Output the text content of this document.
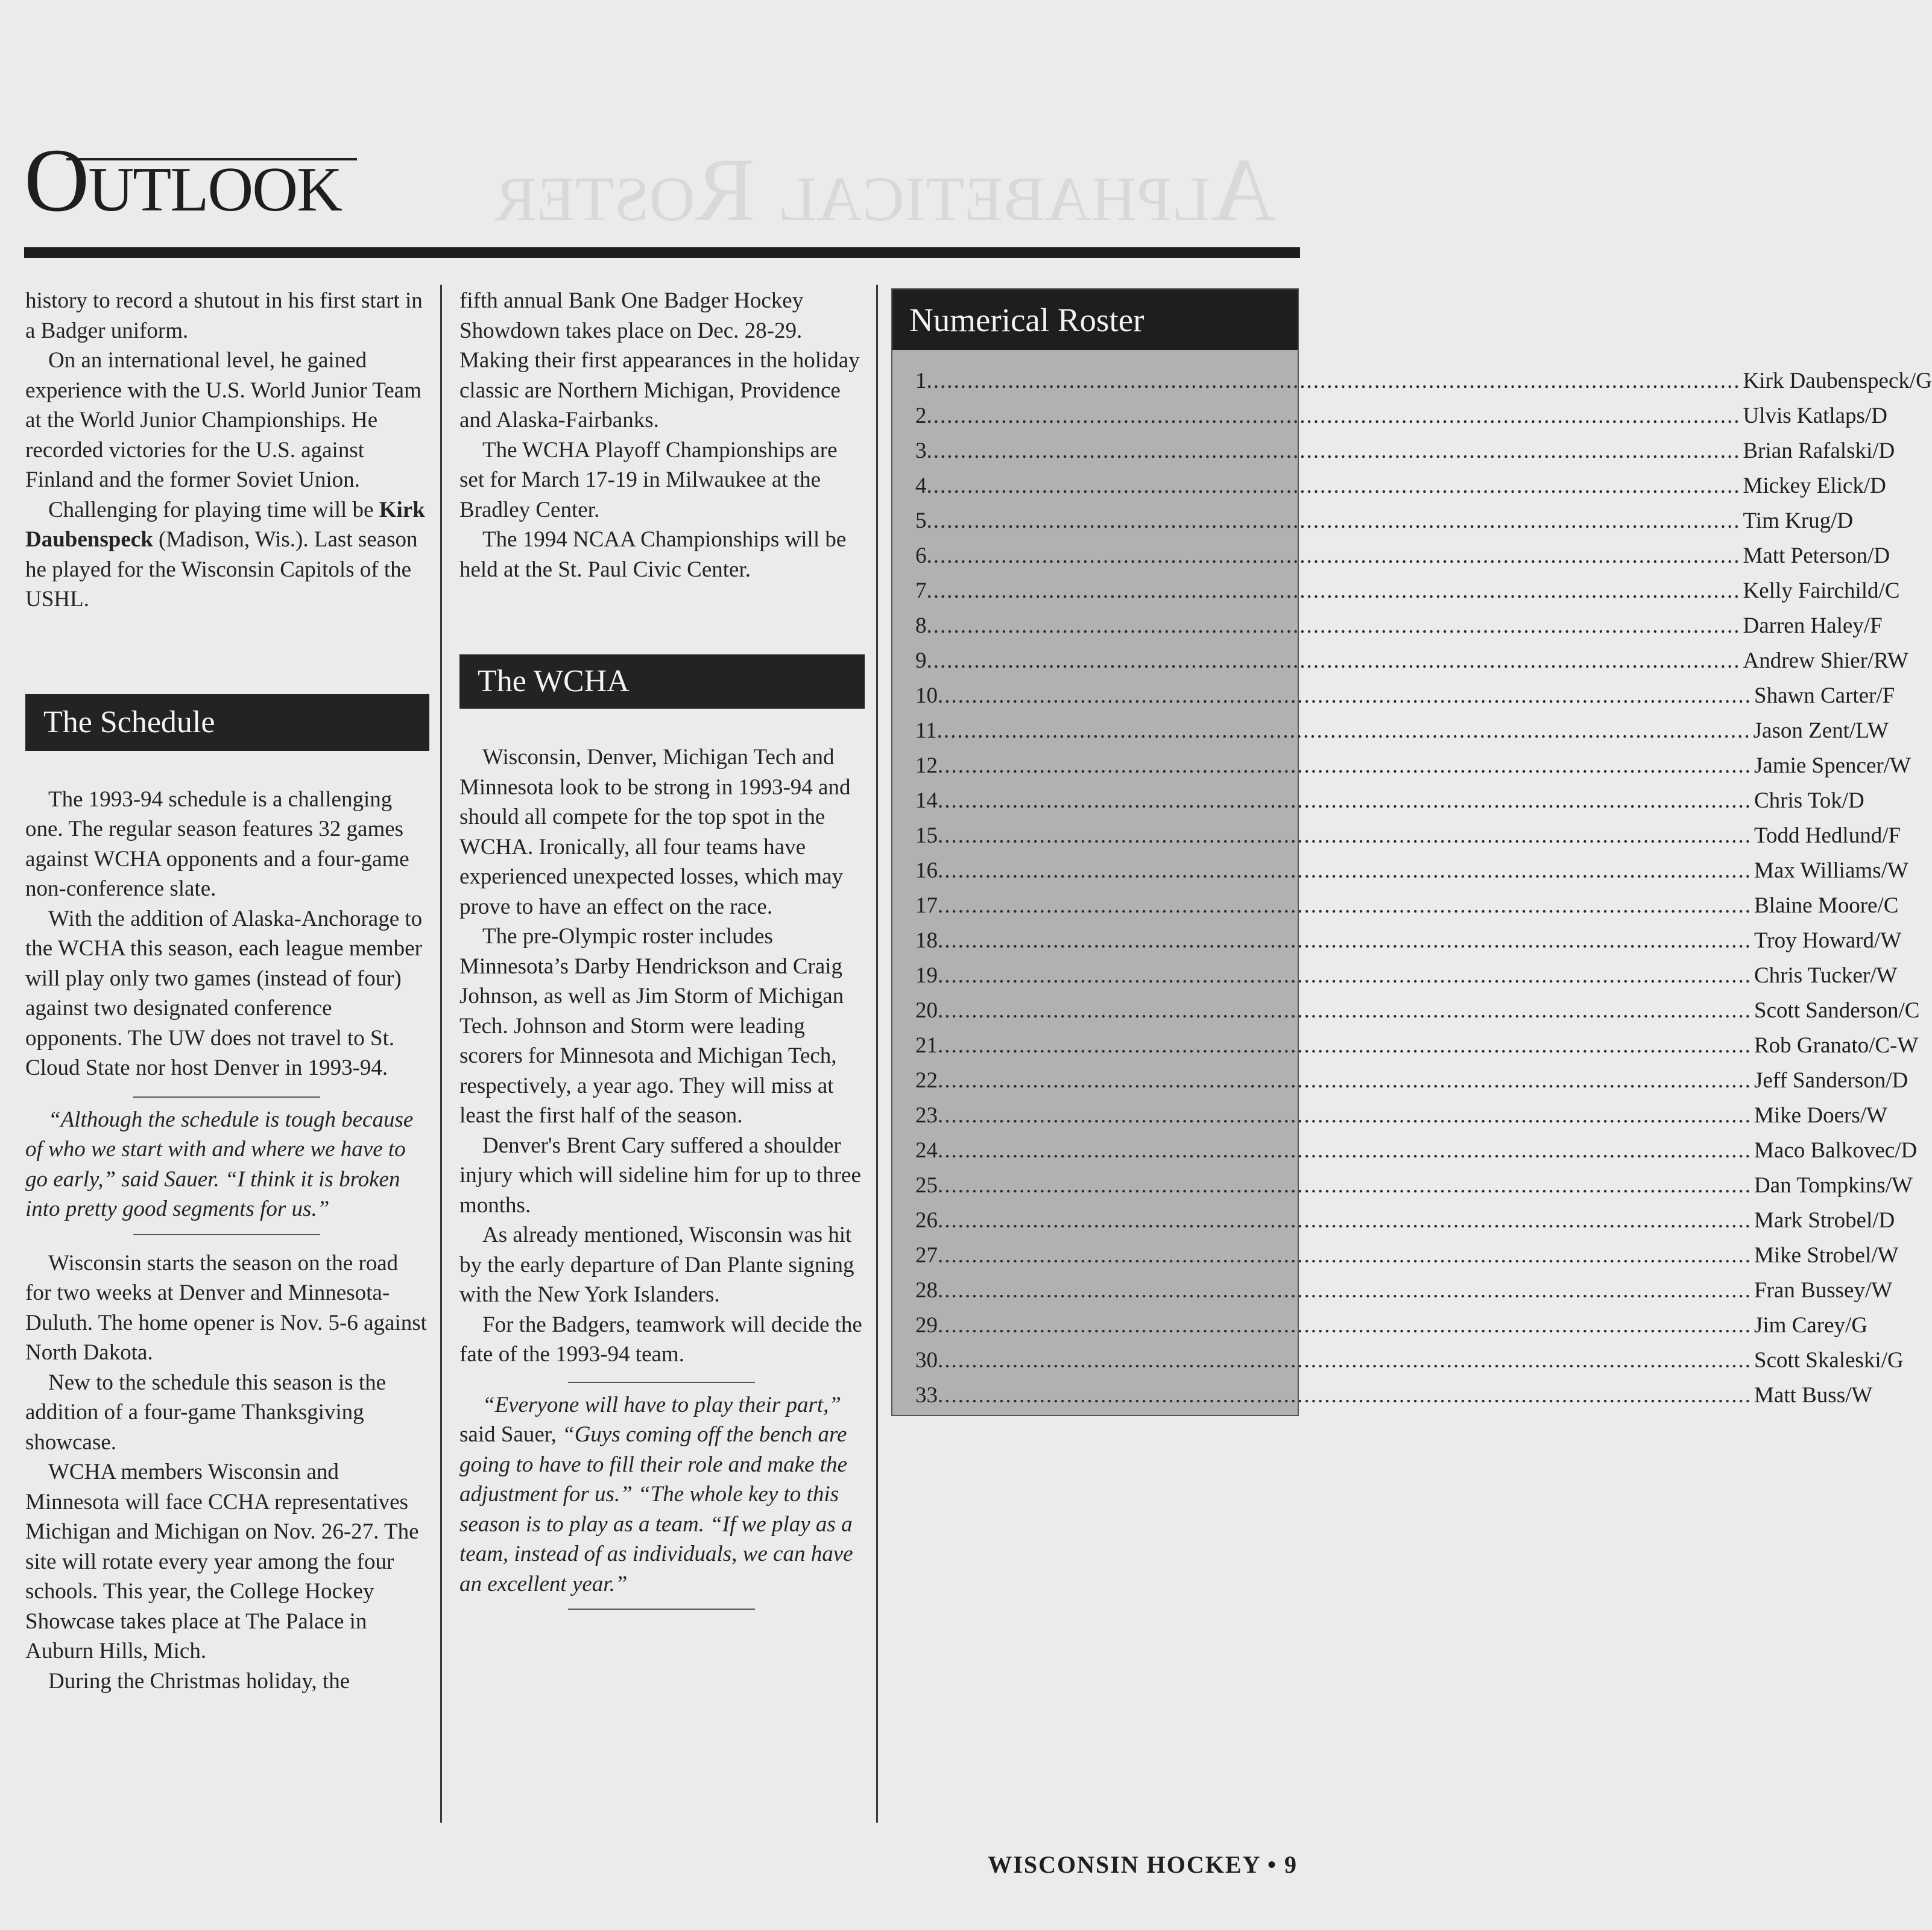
Alphabetical Roster
Outlook

history to record a shutout in his first start in a Badger uniform.

On an international level, he gained experience with the U.S. World Junior Team at the World Junior Championships. He recorded victories for the U.S. against Finland and the former Soviet Union.

Challenging for playing time will be Kirk Daubenspeck (Madison, Wis.). Last season he played for the Wisconsin Capitols of the USHL.

The Schedule

The 1993-94 schedule is a challenging one. The regular season features 32 games against WCHA opponents and a four-game non-conference slate.

With the addition of Alaska-Anchorage to the WCHA this season, each league member will play only two games (instead of four) against two designated conference opponents. The UW does not travel to St. Cloud State nor host Denver in 1993-94.

“Although the schedule is tough because of who we start with and where we have to go early,” said Sauer. “I think it is broken into pretty good segments for us.”

Wisconsin starts the season on the road for two weeks at Denver and Minnesota-Duluth. The home opener is Nov. 5-6 against North Dakota.

New to the schedule this season is the addition of a four-game Thanksgiving showcase.

WCHA members Wisconsin and Minnesota will face CCHA representatives Michigan and Michigan on Nov. 26-27. The site will rotate every year among the four schools. This year, the College Hockey Showcase takes place at The Palace in Auburn Hills, Mich.

During the Christmas holiday, the

fifth annual Bank One Badger Hockey Showdown takes place on Dec. 28-29. Making their first appearances in the holiday classic are Northern Michigan, Providence and Alaska-Fairbanks.

The WCHA Playoff Championships are set for March 17-19 in Milwaukee at the Bradley Center.

The 1994 NCAA Championships will be held at the St. Paul Civic Center.

The WCHA

Wisconsin, Denver, Michigan Tech and Minnesota look to be strong in 1993-94 and should all compete for the top spot in the WCHA. Ironically, all four teams have experienced unexpected losses, which may prove to have an effect on the race.

The pre-Olympic roster includes Minnesota’s Darby Hendrickson and Craig Johnson, as well as Jim Storm of Michigan Tech. Johnson and Storm were leading scorers for Minnesota and Michigan Tech, respectively, a year ago. They will miss at least the first half of the season.

Denver's Brent Cary suffered a shoulder injury which will sideline him for up to three months.

As already mentioned, Wisconsin was hit by the early departure of Dan Plante signing with the New York Islanders.

For the Badgers, teamwork will decide the fate of the 1993-94 team.

“Everyone will have to play their part,” said Sauer, “Guys coming off the bench are going to have to fill their role and make the adjustment for us.” “The whole key to this season is to play as a team. “If we play as a team, instead of as individuals, we can have an excellent year.”

Numerical Roster
1 ........................................................................................................................ Kirk Daubenspeck/G
2 ........................................................................................................................ Ulvis Katlaps/D
3 ........................................................................................................................ Brian Rafalski/D
4 ........................................................................................................................ Mickey Elick/D
5 ........................................................................................................................ Tim Krug/D
6 ........................................................................................................................ Matt Peterson/D
7 ........................................................................................................................ Kelly Fairchild/C
8 ........................................................................................................................ Darren Haley/F
9 ........................................................................................................................ Andrew Shier/RW
10 ........................................................................................................................ Shawn Carter/F
11 ........................................................................................................................ Jason Zent/LW
12 ........................................................................................................................ Jamie Spencer/W
14 ........................................................................................................................ Chris Tok/D
15 ........................................................................................................................ Todd Hedlund/F
16 ........................................................................................................................ Max Williams/W
17 ........................................................................................................................ Blaine Moore/C
18 ........................................................................................................................ Troy Howard/W
19 ........................................................................................................................ Chris Tucker/W
20 ........................................................................................................................ Scott Sanderson/C
21 ........................................................................................................................ Rob Granato/C-W
22 ........................................................................................................................ Jeff Sanderson/D
23 ........................................................................................................................ Mike Doers/W
24 ........................................................................................................................ Maco Balkovec/D
25 ........................................................................................................................ Dan Tompkins/W
26 ........................................................................................................................ Mark Strobel/D
27 ........................................................................................................................ Mike Strobel/W
28 ........................................................................................................................ Fran Bussey/W
29 ........................................................................................................................ Jim Carey/G
30 ........................................................................................................................ Scott Skaleski/G
33 ........................................................................................................................ Matt Buss/W
WISCONSIN HOCKEY • 9
